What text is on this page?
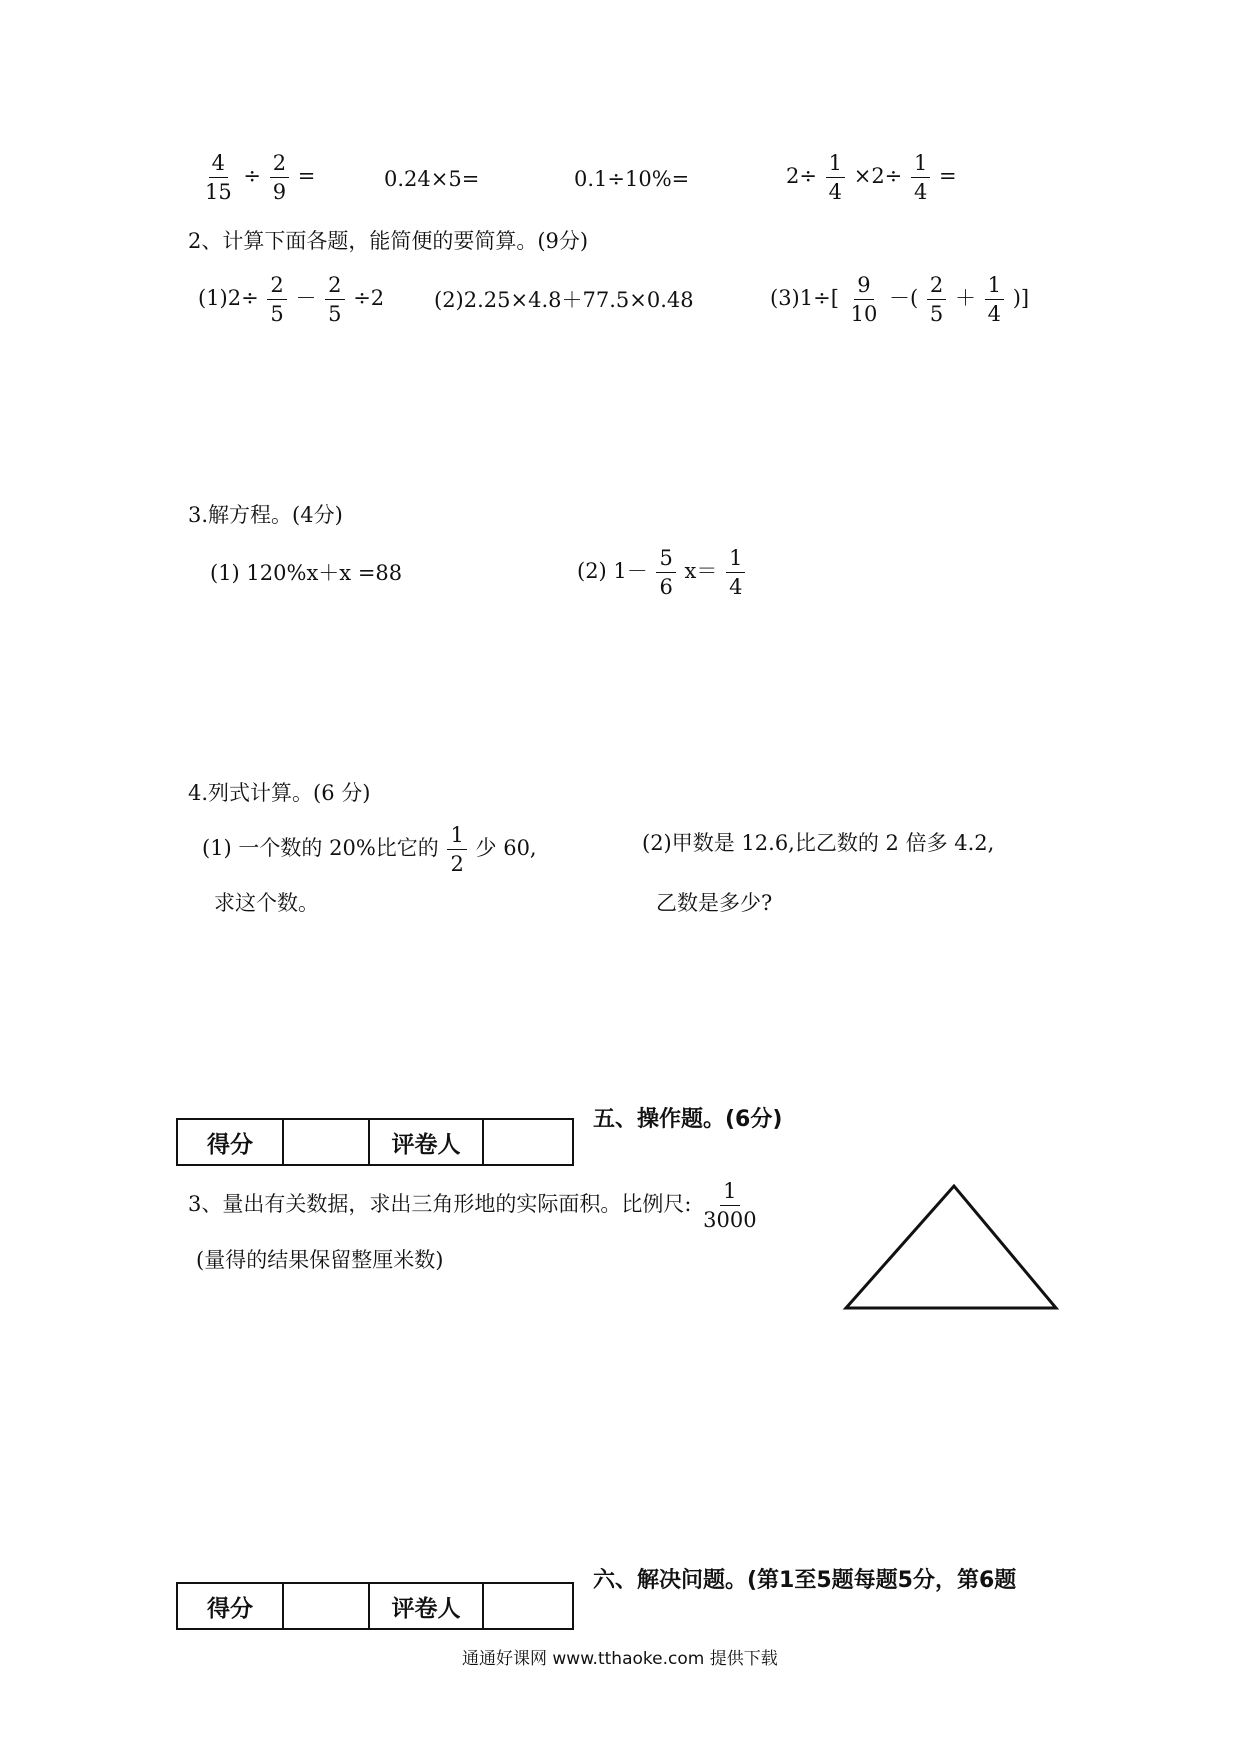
$\frac{4}{15} \div \frac{2}{9}$ =	0.24×5=	0.1÷10%=	$2\div \frac{1}{4} \times 2\div \frac{1}{4}$ =
2、计算下面各题，能简便的要简算。(9分)
$(1)2\div \frac{2}{5} - \frac{2}{5} \div 2$ (2)2.25×4.8＋77.5×0.48	$(3)1\div[ \frac{9}{10}$ －( $\frac{2}{5} + \frac{1}{4}$ )]
3.解方程。(4分)
(1) 120%x＋x =88	(2) $1- \frac{5}{6} x= \frac{1}{4}$
4.列式计算。(6 分)
(1) 一个数的 20%比它的 $\frac{1}{2}$ 少 60,
求这个数。
(2)甲数是 12.6,比乙数的 2 倍多 4.2,
乙数是多少?
得分		评卷人	
五、操作题。(6分)
3、量出有关数据，求出三角形地的实际面积。比例尺: $\frac{1}{3000}$
(量得的结果保留整厘米数)
得分		评卷人	
六、解决问题。(第1至5题每题5分，第6题
通通好课网 www.tthaoke.com 提供下载
